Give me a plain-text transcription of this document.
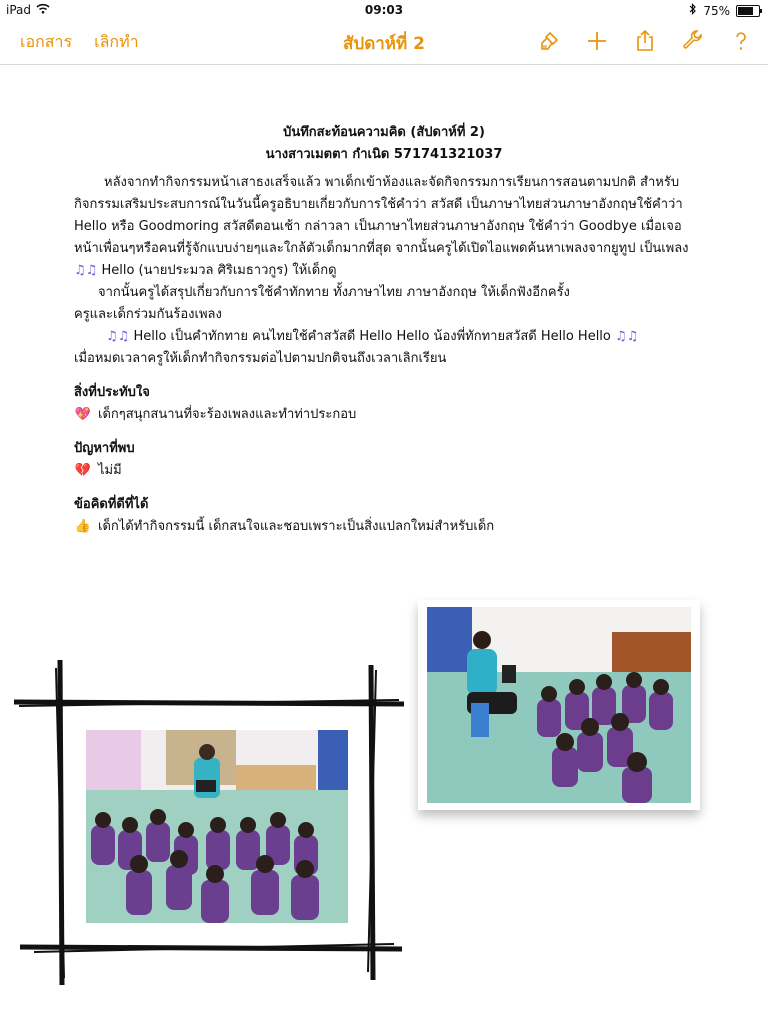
iPad	09:03	75%
เอกสาร เลิกทำ	สัปดาห์ที่ 2
บันทึกสะท้อนความคิด (สัปดาห์ที่ 2)
นางสาวเมตตา กำเนิด 571741321037

หลังจากทำกิจกรรมหน้าเสาธงเสร็จแล้ว พาเด็กเข้าห้องและจัดกิจกรรมการเรียนการสอนตามปกติ สำหรับกิจกรรมเสริมประสบการณ์ในวันนี้ครูอธิบายเกี่ยวกับการใช้คำว่า สวัสดี เป็นภาษาไทยส่วนภาษาอังกฤษใช้คำว่า Hello หรือ Goodmoring สวัสดีตอนเช้า กล่าวลา เป็นภาษาไทยส่วนภาษาอังกฤษ ใช้คำว่า Goodbye เมื่อเจอหน้าเพื่อนๆหรือคนที่รู้จักแบบง่ายๆและใกล้ตัวเด็กมากที่สุด จากนั้นครูได้เปิดไอแพดค้นหาเพลงจากยูทูป เป็นเพลง ♫♫ Hello (นายประมวล ศิริเมธาวกูร) ให้เด็กดู

จากนั้นครูได้สรุปเกี่ยวกับการใช้คำทักทาย ทั้งภาษาไทย ภาษาอังกฤษ ให้เด็กฟังอีกครั้ง

ครูและเด็กร่วมกันร้องเพลง

♫♫ Hello เป็นคำทักทาย คนไทยใช้คำสวัสดี Hello Hello น้องพี่ทักทายสวัสดี Hello Hello ♫♫

เมื่อหมดเวลาครูให้เด็กทำกิจกรรมต่อไปตามปกติจนถึงเวลาเลิกเรียน

สิ่งที่ประทับใจ

💖 เด็กๆสนุกสนานที่จะร้องเพลงและทำท่าประกอบ

ปัญหาที่พบ

💔 ไม่มี

ข้อคิดที่ดีที่ได้

👍 เด็กได้ทำกิจกรรมนี้ เด็กสนใจและชอบเพราะเป็นสิ่งแปลกใหม่สำหรับเด็ก
